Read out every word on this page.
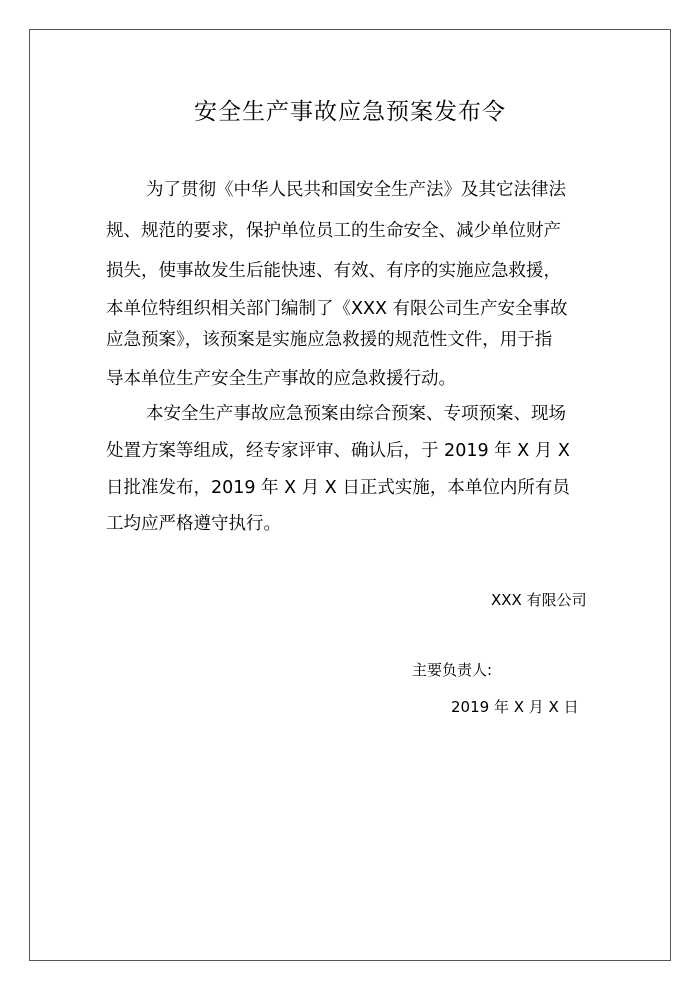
安全生产事故应急预案发布令
为了贯彻《中华人民共和国安全生产法》及其它法律法
规、规范的要求，保护单位员工的生命安全、减少单位财产
损失，使事故发生后能快速、有效、有序的实施应急救援，
本单位特组织相关部门编制了《XXX 有限公司生产安全事故
应急预案》，该预案是实施应急救援的规范性文件，用于指
导本单位生产安全生产事故的应急救援行动。
本安全生产事故应急预案由综合预案、专项预案、现场
处置方案等组成，经专家评审、确认后，于 2019 年 X 月 X
日批准发布，2019 年 X 月 X 日正式实施，本单位内所有员
工均应严格遵守执行。
XXX 有限公司
主要负责人:
2019 年 X 月 X 日
